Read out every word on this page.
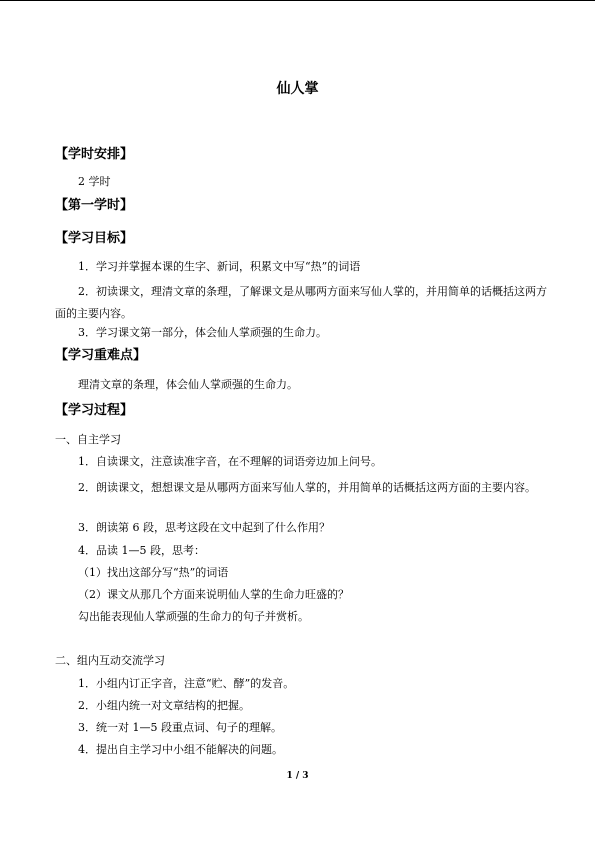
仙人掌
【学时安排】
2 学时
【第一学时】
【学习目标】
1．学习并掌握本课的生字、新词，积累文中写“热”的词语
2．初读课文，理清文章的条理，了解课文是从哪两方面来写仙人掌的，并用简单的话概括这两方面的主要内容。
3．学习课文第一部分，体会仙人掌顽强的生命力。
【学习重难点】
理清文章的条理，体会仙人掌顽强的生命力。
【学习过程】
一、自主学习
1．自读课文，注意读准字音，在不理解的词语旁边加上问号。
2．朗读课文，想想课文是从哪两方面来写仙人掌的，并用简单的话概括这两方面的主要内容。
3．朗读第 6 段，思考这段在文中起到了什么作用？
4．品读 1—5 段，思考：
（1）找出这部分写“热”的词语
（2）课文从那几个方面来说明仙人掌的生命力旺盛的？
勾出能表现仙人掌顽强的生命力的句子并赏析。
二、组内互动交流学习
1．小组内订正字音，注意“贮、酵”的发音。
2．小组内统一对文章结构的把握。
3．统一对 1—5 段重点词、句子的理解。
4．提出自主学习中小组不能解决的问题。
1 / 3
